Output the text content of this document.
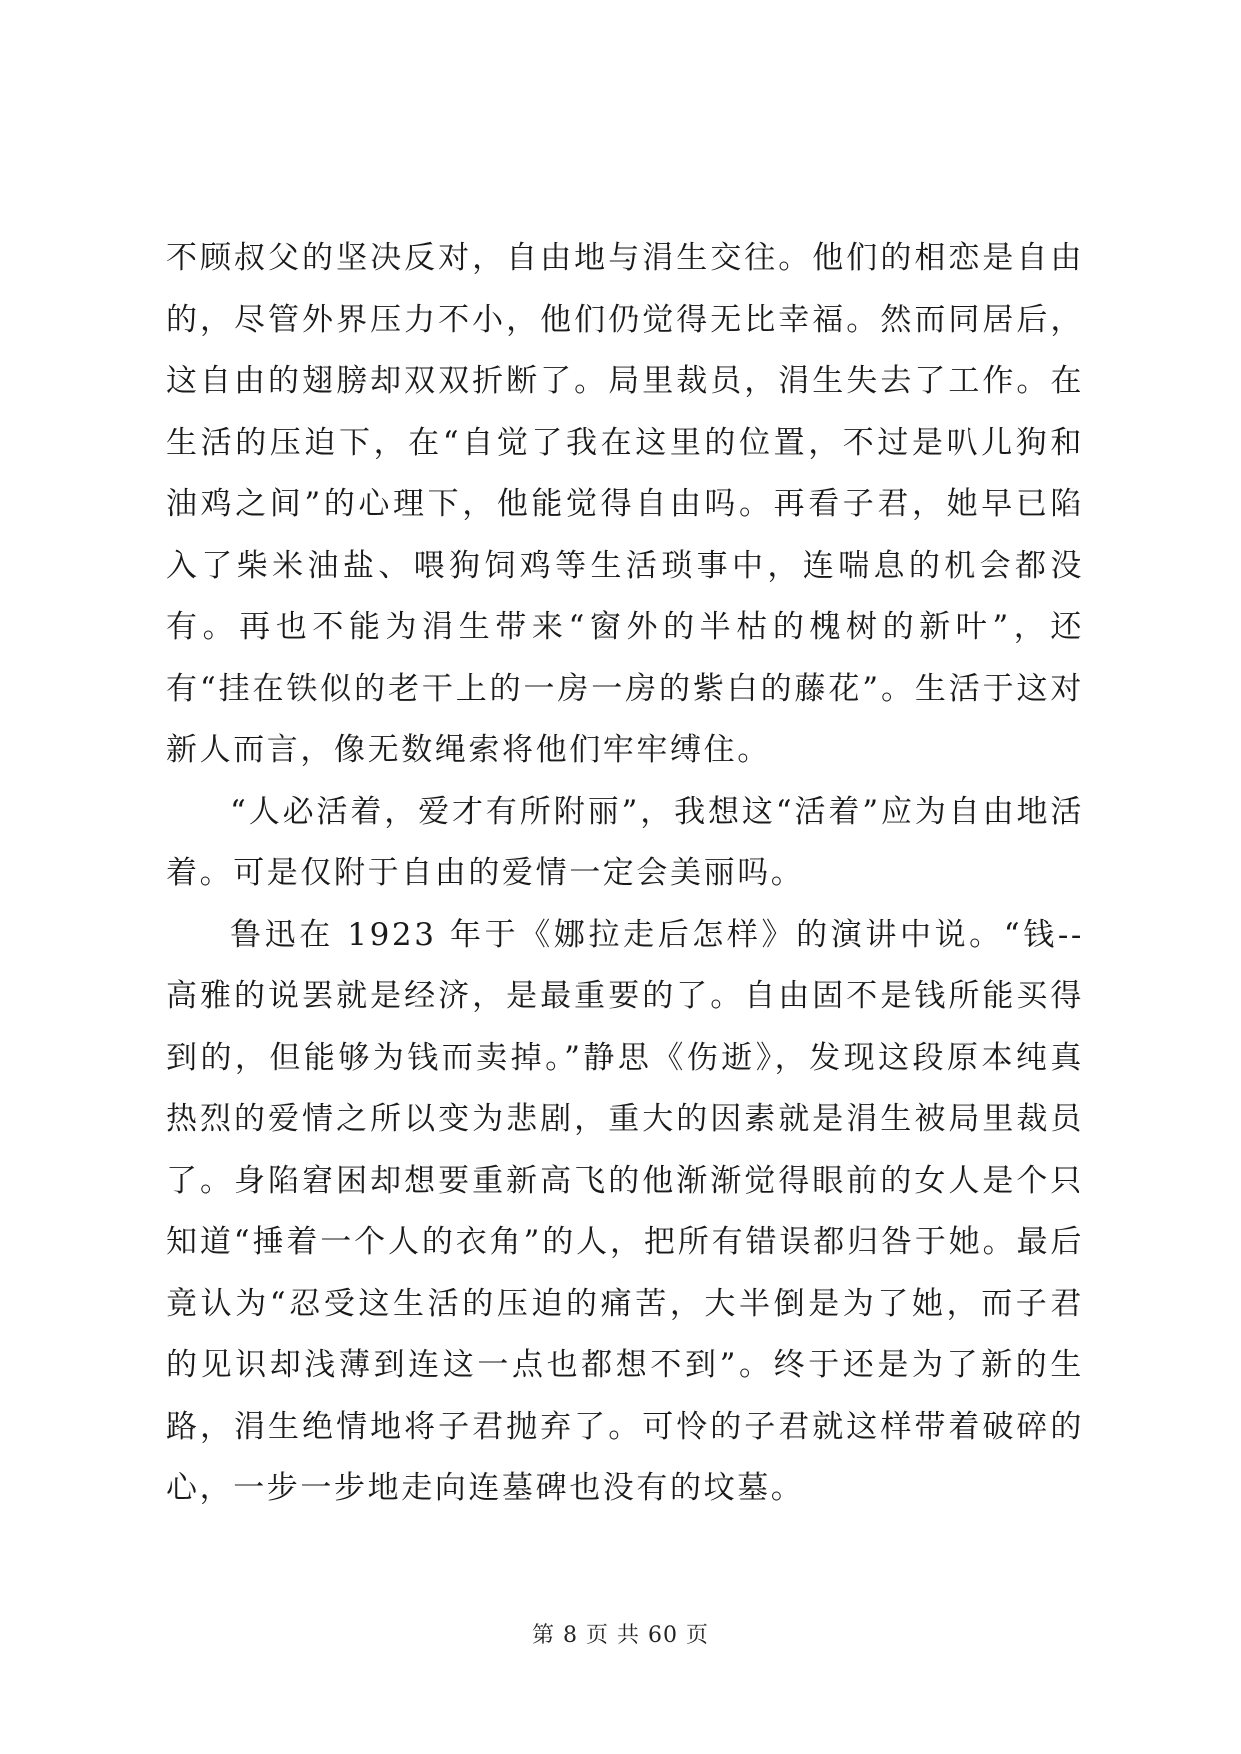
不顾叔父的坚决反对，自由地与涓生交往。他们的相恋是自由的，尽管外界压力不小，他们仍觉得无比幸福。然而同居后，这自由的翅膀却双双折断了。局里裁员，涓生失去了工作。在生活的压迫下，在“自觉了我在这里的位置，不过是叭儿狗和油鸡之间”的心理下，他能觉得自由吗。再看子君，她早已陷入了柴米油盐、喂狗饲鸡等生活琐事中，连喘息的机会都没有。再也不能为涓生带来“窗外的半枯的槐树的新叶”，还有“挂在铁似的老干上的一房一房的紫白的藤花”。生活于这对新人而言，像无数绳索将他们牢牢缚住。

“人必活着，爱才有所附丽”，我想这“活着”应为自由地活着。可是仅附于自由的爱情一定会美丽吗。

鲁迅在 1923 年于《娜拉走后怎样》的演讲中说。“钱--高雅的说罢就是经济，是最重要的了。自由固不是钱所能买得到的，但能够为钱而卖掉。”静思《伤逝》，发现这段原本纯真热烈的爱情之所以变为悲剧，重大的因素就是涓生被局里裁员了。身陷窘困却想要重新高飞的他渐渐觉得眼前的女人是个只知道“捶着一个人的衣角”的人，把所有错误都归咎于她。最后竟认为“忍受这生活的压迫的痛苦，大半倒是为了她，而子君的见识却浅薄到连这一点也都想不到”。终于还是为了新的生路，涓生绝情地将子君抛弃了。可怜的子君就这样带着破碎的心，一步一步地走向连墓碑也没有的坟墓。

第 8 页 共 60 页
